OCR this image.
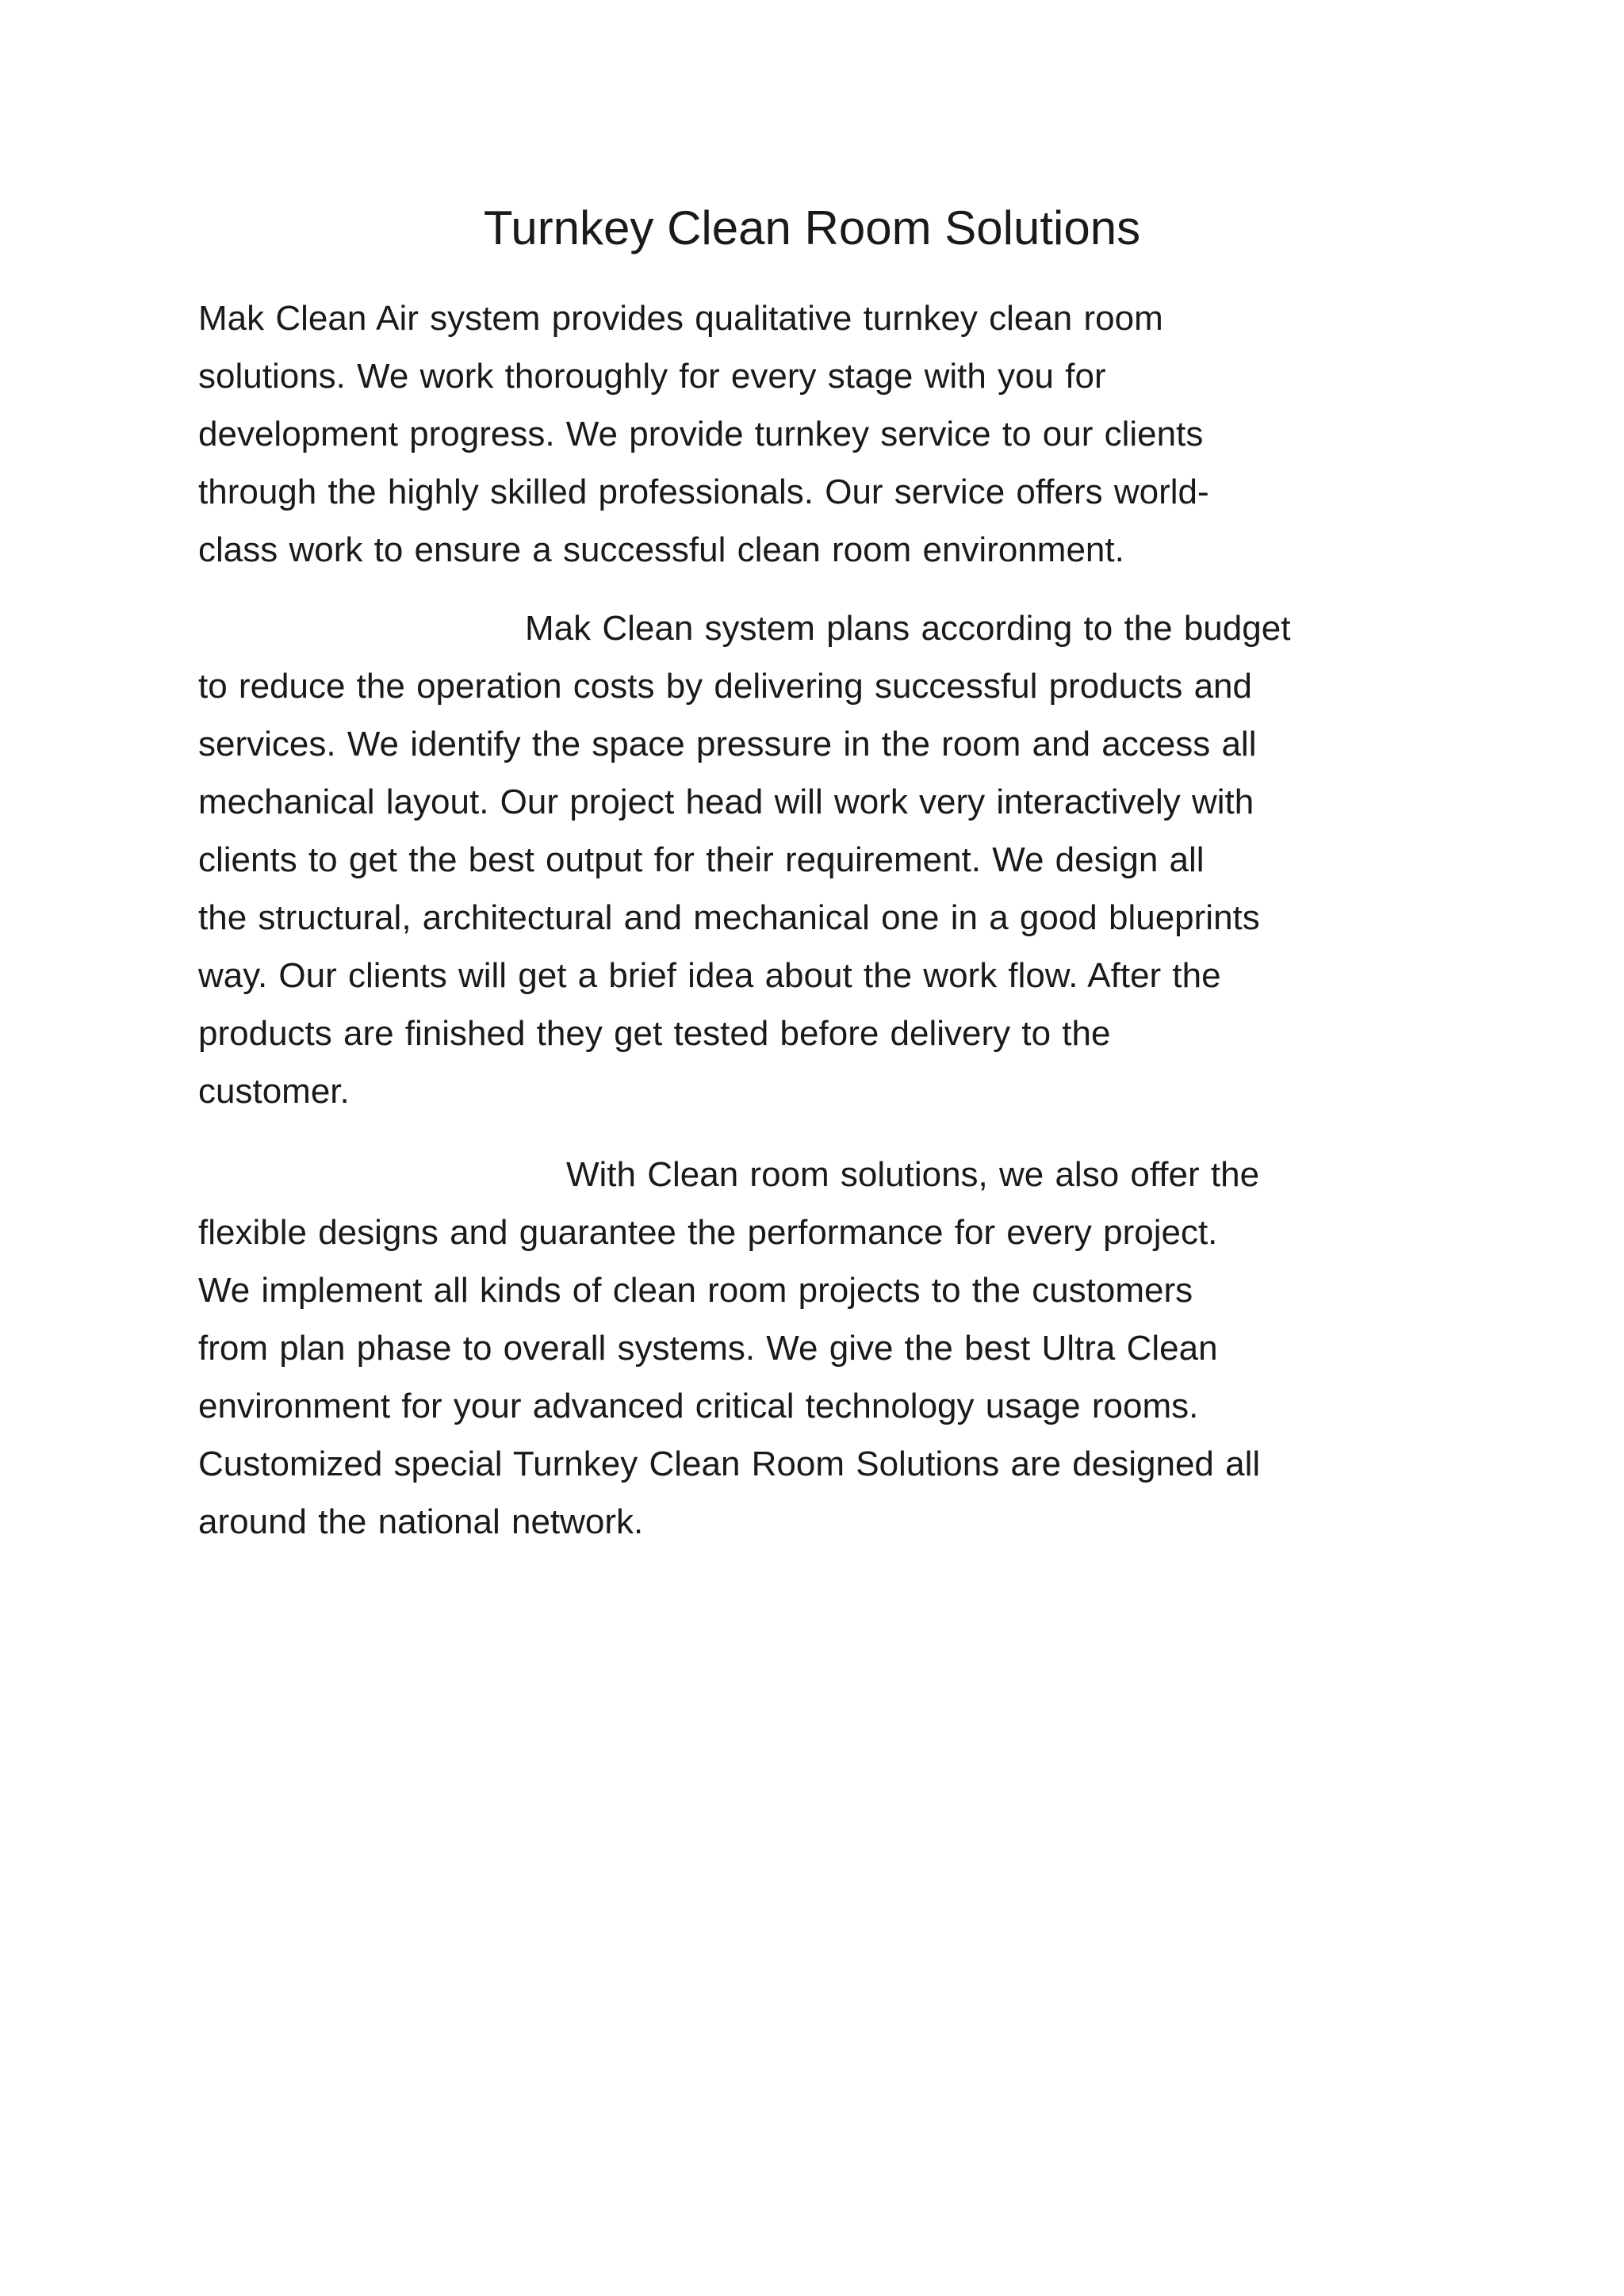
Turnkey Clean Room Solutions

Mak Clean Air system provides qualitative turnkey clean room
solutions. We work thoroughly for every stage with you for
development progress. We provide turnkey service to our clients
through the highly skilled professionals. Our service offers world-
class work to ensure a successful clean room environment.

Mak Clean system plans according to the budget
to reduce the operation costs by delivering successful products and
services. We identify the space pressure in the room and access all
mechanical layout. Our project head will work very interactively with
clients to get the best output for their requirement. We design all
the structural, architectural and mechanical one in a good blueprints
way. Our clients will get a brief idea about the work flow. After the
products are finished they get tested before delivery to the
customer.

With Clean room solutions, we also offer the
flexible designs and guarantee the performance for every project.
We implement all kinds of clean room projects to the customers
from plan phase to overall systems. We give the best Ultra Clean
environment for your advanced critical technology usage rooms.
Customized special Turnkey Clean Room Solutions are designed all
around the national network.
